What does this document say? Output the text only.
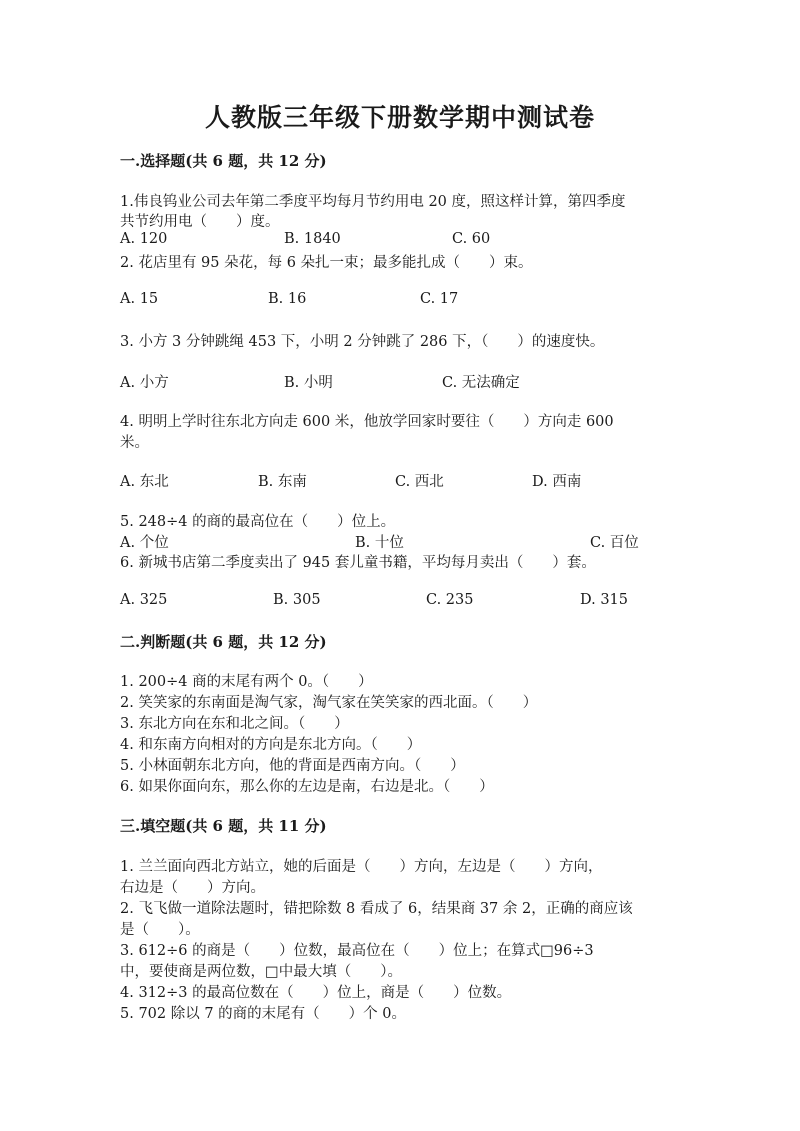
人教版三年级下册数学期中测试卷
一.选择题(共 6 题，共 12 分)

1.伟良钨业公司去年第二季度平均每月节约用电 20 度，照这样计算，第四季度

共节约用电（　　）度。

A. 120	B. 1840	C. 60

2. 花店里有 95 朵花，每 6 朵扎一束；最多能扎成（　　）束。

A. 15	B. 16	C. 17

3. 小方 3 分钟跳绳 453 下，小明 2 分钟跳了 286 下，（　　）的速度快。

A. 小方	B. 小明	C. 无法确定

4. 明明上学时往东北方向走 600 米，他放学回家时要往（　　）方向走 600

米。

A. 东北	B. 东南	C. 西北	D. 西南

5. 248÷4 的商的最高位在（　　）位上。

A. 个位	B. 十位	C. 百位

6. 新城书店第二季度卖出了 945 套儿童书籍，平均每月卖出（　　）套。

A. 325	B. 305	C. 235	D. 315

二.判断题(共 6 题，共 12 分)

1. 200÷4 商的末尾有两个 0。（　　）

2. 笑笑家的东南面是淘气家，淘气家在笑笑家的西北面。（　　）

3. 东北方向在东和北之间。（　　）

4. 和东南方向相对的方向是东北方向。（　　）

5. 小林面朝东北方向，他的背面是西南方向。（　　）

6. 如果你面向东，那么你的左边是南，右边是北。（　　）

三.填空题(共 6 题，共 11 分)

1. 兰兰面向西北方站立，她的后面是（　　）方向，左边是（　　）方向，

右边是（　　）方向。

2. 飞飞做一道除法题时，错把除数 8 看成了 6，结果商 37 余 2，正确的商应该

是（　　）。

3. 612÷6 的商是（　　）位数，最高位在（　　）位上；在算式□96÷3

中，要使商是两位数，□中最大填（　　）。

4. 312÷3 的最高位数在（　　）位上，商是（　　）位数。

5. 702 除以 7 的商的末尾有（　　）个 0。
